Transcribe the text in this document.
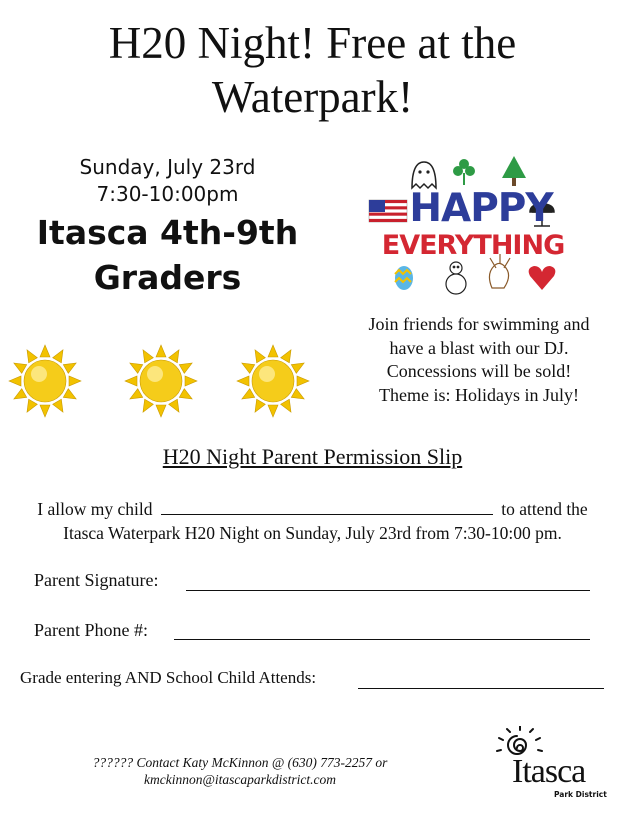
H20 Night! Free at the
Waterpark!
Sunday, July 23rd
7:30-10:00pm
Itasca 4th-9th
Graders
HAPPY
EVERYTHING
Join friends for swimming and
have a blast with our DJ.
Concessions will be sold!
Theme is: Holidays in July!
H20 Night Parent Permission Slip
I allow my child	to attend the
Itasca Waterpark H20 Night on Sunday, July 23rd from 7:30-10:00 pm.
Parent Signature:
Parent Phone #:
Grade entering AND School Child Attends:
?????? Contact Katy McKinnon @ (630) 773-2257 or
kmckinnon@itascaparkdistrict.com	Itasca
Park District
